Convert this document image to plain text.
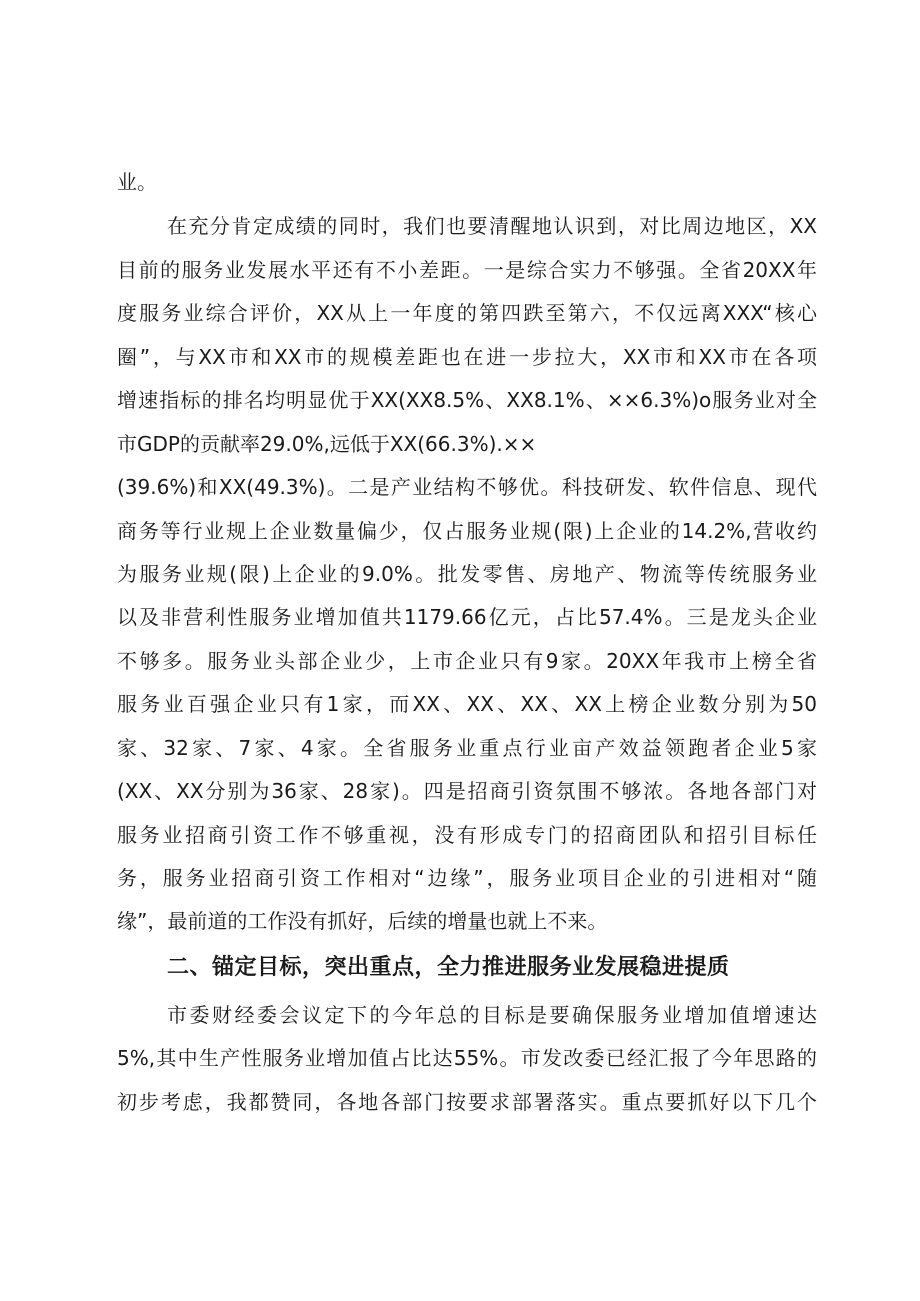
业。
在充分肯定成绩的同时，我们也要清醒地认识到，对比周边地区，XX
目前的服务业发展水平还有不小差距。一是综合实力不够强。全省20XX年
度服务业综合评价，XX从上一年度的第四跌至第六，不仅远离XXX“核心
圈”，与XX市和XX市的规模差距也在进一步拉大，XX市和XX市在各项
增速指标的排名均明显优于XX(XX8.5%、XX8.1%、××6.3%)o服务业对全
市GDP的贡献率29.0%,远低于XX(66.3%).××
(39.6%)和XX(49.3%)。二是产业结构不够优。科技研发、软件信息、现代
商务等行业规上企业数量偏少，仅占服务业规(限)上企业的14.2%,营收约
为服务业规(限)上企业的9.0%。批发零售、房地产、物流等传统服务业
以及非营利性服务业增加值共1179.66亿元，占比57.4%。三是龙头企业
不够多。服务业头部企业少，上市企业只有9家。20XX年我市上榜全省
服务业百强企业只有1家，而XX、XX、XX、XX上榜企业数分别为50
家、32家、7家、4家。全省服务业重点行业亩产效益领跑者企业5家
(XX、XX分别为36家、28家)。四是招商引资氛围不够浓。各地各部门对
服务业招商引资工作不够重视，没有形成专门的招商团队和招引目标任
务，服务业招商引资工作相对“边缘”，服务业项目企业的引进相对“随
缘”，最前道的工作没有抓好，后续的增量也就上不来。
二、锚定目标，突出重点，全力推进服务业发展稳进提质
市委财经委会议定下的今年总的目标是要确保服务业增加值增速达
5%,其中生产性服务业增加值占比达55%。市发改委已经汇报了今年思路的
初步考虑，我都赞同，各地各部门按要求部署落实。重点要抓好以下几个
